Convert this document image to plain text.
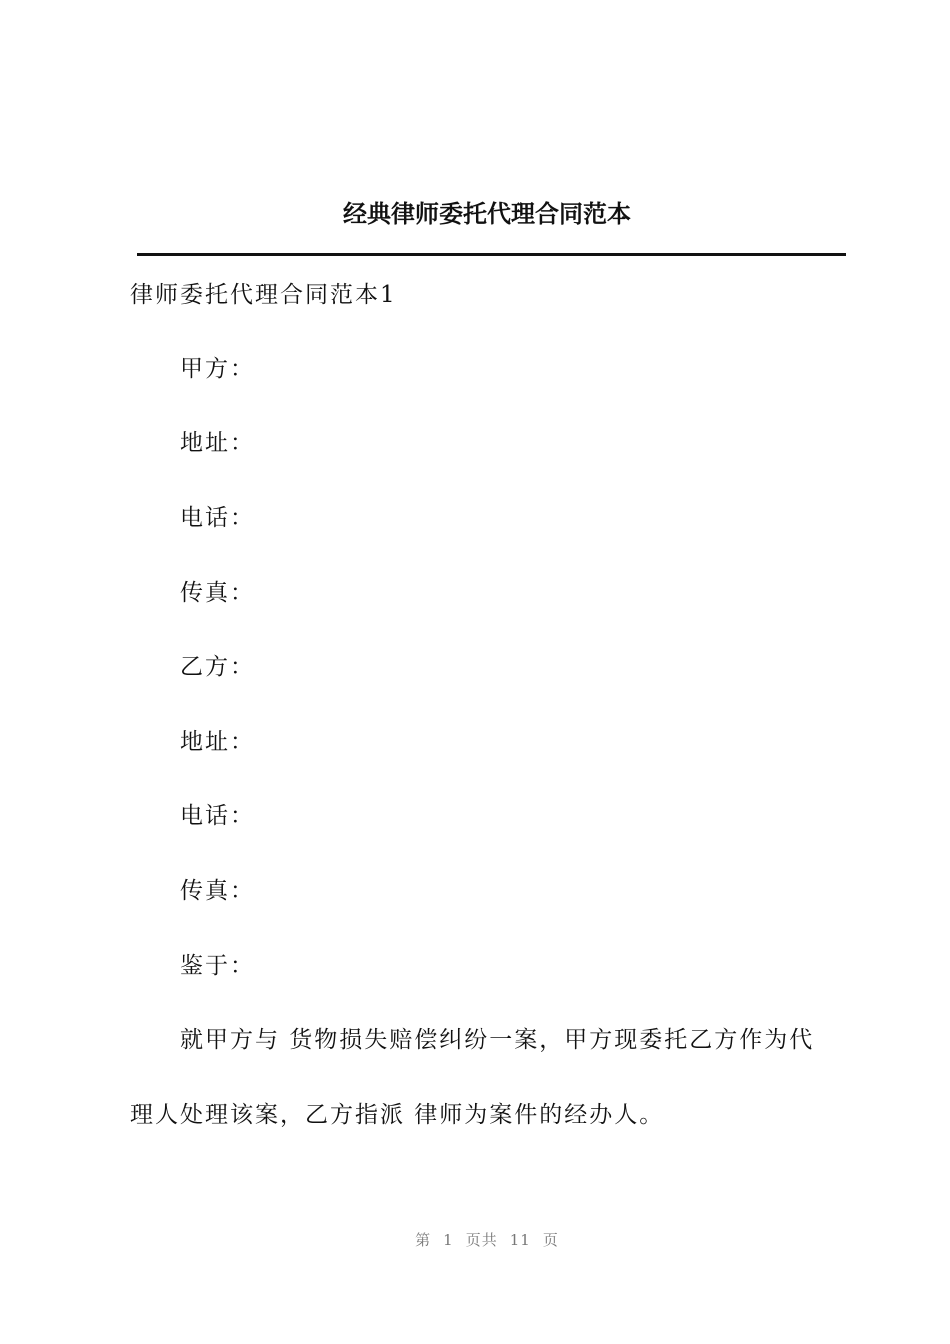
经典律师委托代理合同范本

律师委托代理合同范本1

甲方：

地址：

电话：

传真：

乙方：

地址：

电话：

传真：

鉴于：

就甲方与 货物损失赔偿纠纷一案，甲方现委托乙方作为代

理人处理该案，乙方指派 律师为案件的经办人。

第 1 页共 11 页
